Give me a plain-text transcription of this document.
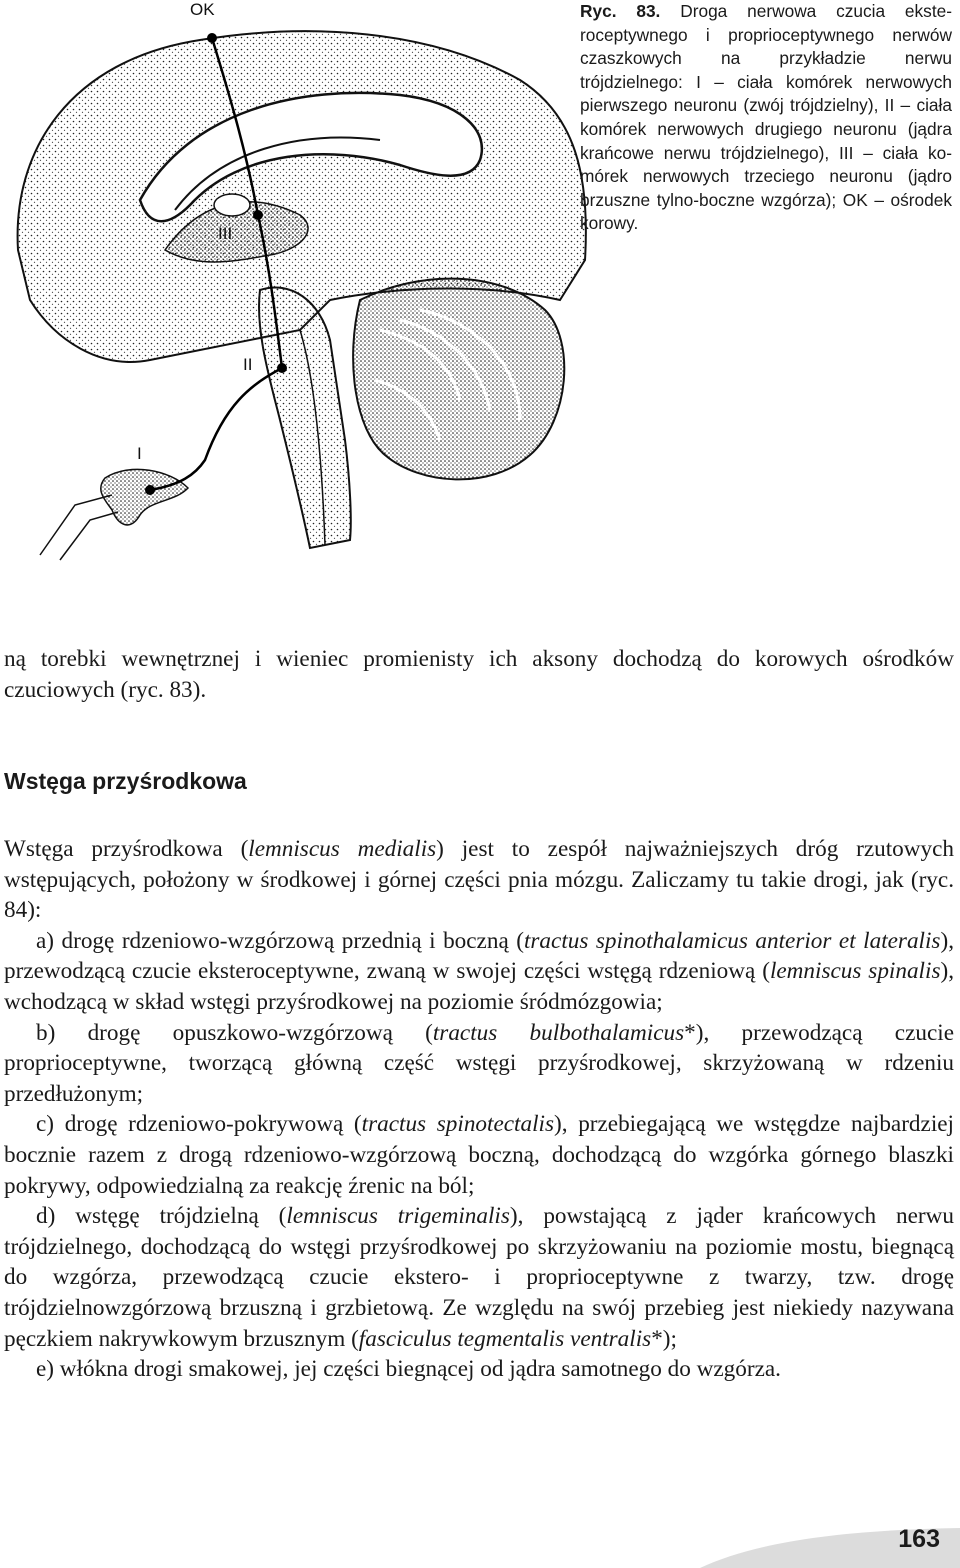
OK
III
II
I
Ryc. 83. Droga nerwowa czucia eksteroceptywnego i proprioceptywnego nerwów czaszkowych na przykładzie nerwu trójdzielnego: I – ciała komórek nerwowych pierwszego neuronu (zwój trójdzielny), II – ciała komórek nerwowych drugiego neuronu (jądra krańcowe nerwu trójdzielnego), III – ciała komórek nerwowych trzeciego neuronu (jądro brzuszne tylno-boczne wzgórza); OK – ośrodek korowy.
ną torebki wewnętrznej i wieniec promienisty ich aksony dochodzą do korowych ośrodków czuciowych (ryc. 83).
Wstęga przyśrodkowa

Wstęga przyśrodkowa (lemniscus medialis) jest to zespół najważniejszych dróg rzutowych wstępujących, położony w środkowej i górnej części pnia mózgu. Zaliczamy tu takie drogi, jak (ryc. 84):

a) drogę rdzeniowo-wzgórzową przednią i boczną (tractus spinothalamicus anterior et lateralis), przewodzącą czucie eksteroceptywne, zwaną w swojej części wstęgą rdzeniową (lemniscus spinalis), wchodzącą w skład wstęgi przyśrodkowej na poziomie śródmózgowia;

b) drogę opuszkowo-wzgórzową (tractus bulbothalamicus*), przewodzącą czucie proprioceptywne, tworzącą główną część wstęgi przyśrodkowej, skrzyżowaną w rdzeniu przedłużonym;

c) drogę rdzeniowo-pokrywową (tractus spinotectalis), przebiegającą we wstęgdze najbardziej bocznie razem z drogą rdzeniowo-wzgórzową boczną, dochodzącą do wzgórka górnego blaszki pokrywy, odpowiedzialną za reakcję źrenic na ból;

d) wstęgę trójdzielną (lemniscus trigeminalis), powstającą z jąder krańcowych nerwu trójdzielnego, dochodzącą do wstęgi przyśrodkowej po skrzyżowaniu na poziomie mostu, biegnącą do wzgórza, przewodzącą czucie ekstero- i proprioceptywne z twarzy, tzw. drogę trójdzielnowzgórzową brzuszną i grzbietową. Ze względu na swój przebieg jest niekiedy nazywana pęczkiem nakrywkowym brzusznym (fasciculus tegmentalis ventralis*);

e) włókna drogi smakowej, jej części biegnącej od jądra samotnego do wzgórza.

163
